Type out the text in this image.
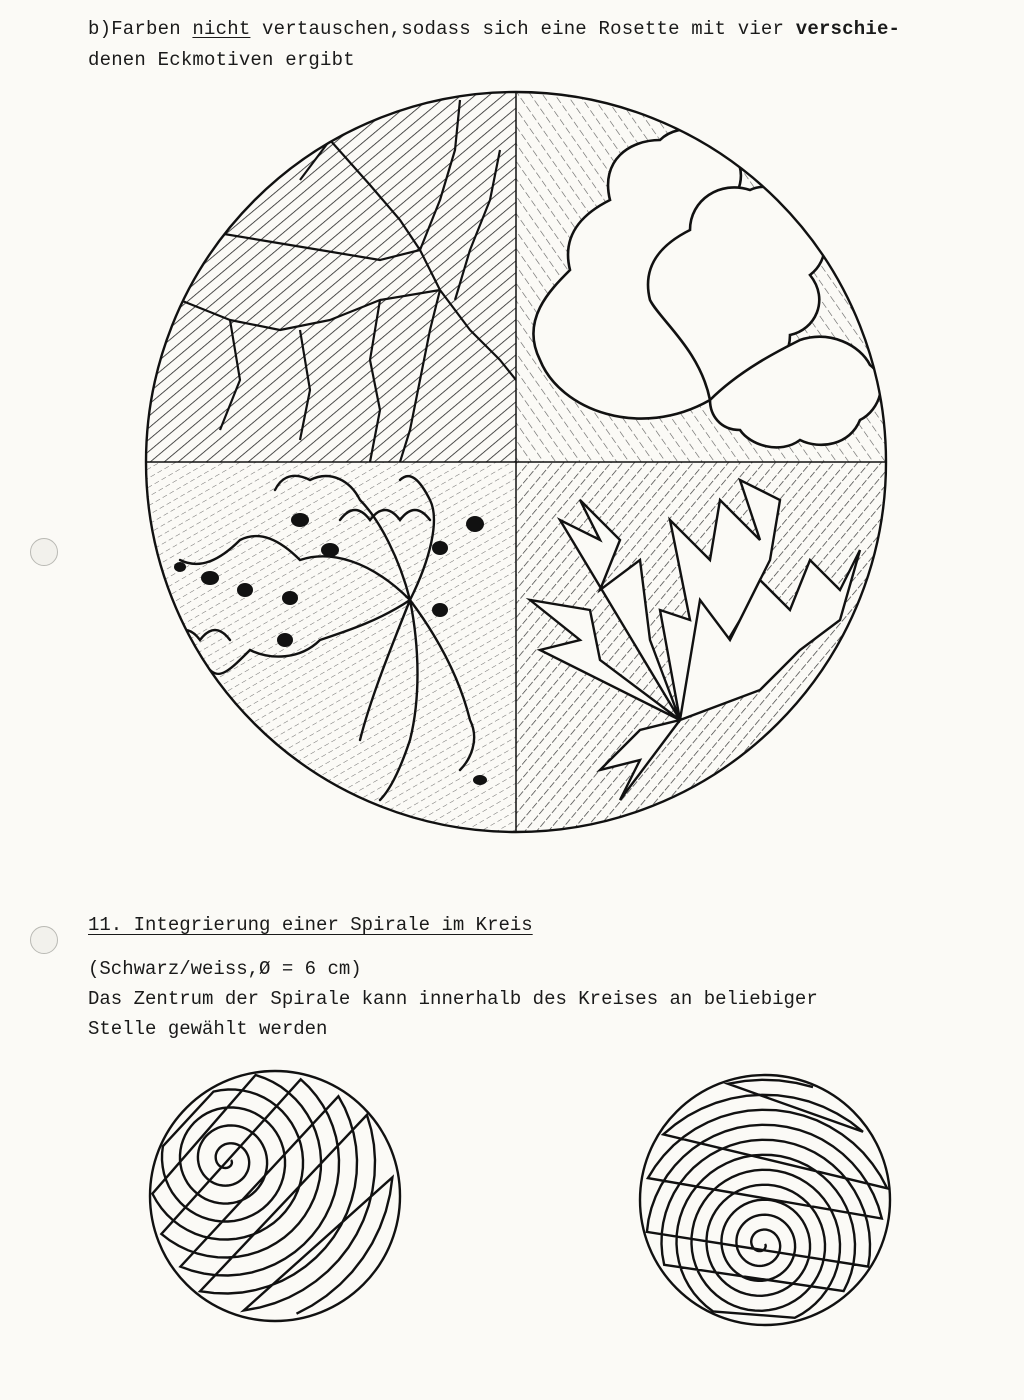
b)Farben nicht vertauschen,sodass sich eine Rosette mit vier verschie-
denen Eckmotiven ergibt
11. Integrierung einer Spirale im Kreis
(Schwarz/weiss,Ø = 6 cm)
Das Zentrum der Spirale kann innerhalb des Kreises an beliebiger
Stelle gewählt werden
